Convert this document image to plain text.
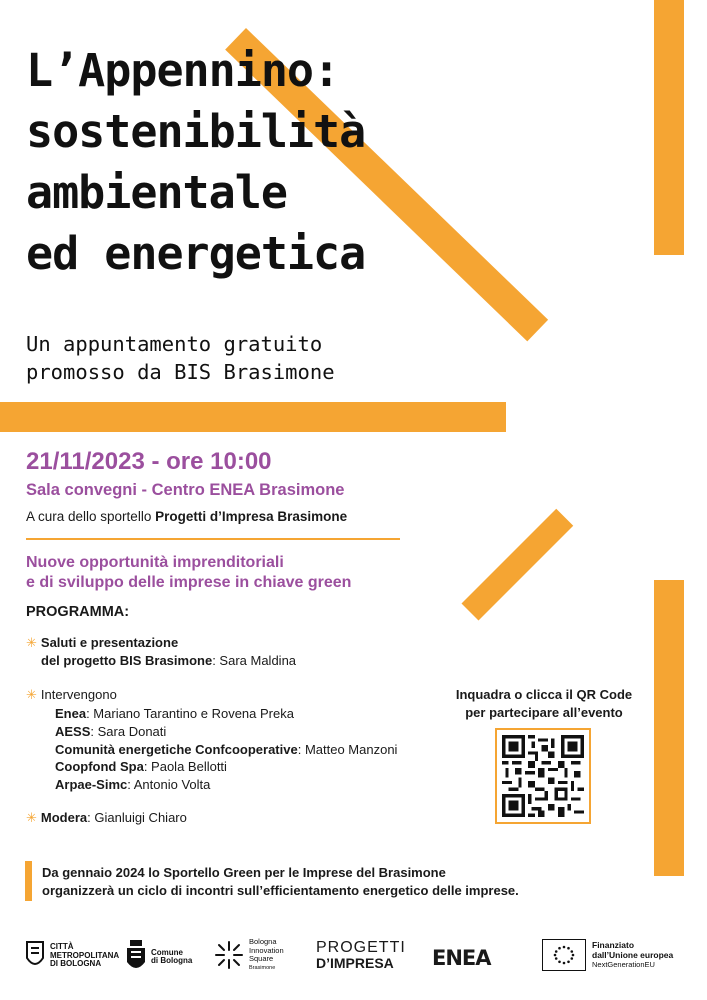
L’Appennino:
sostenibilità
ambientale
ed energetica
Un appuntamento gratuito
promosso da BIS Brasimone
21/11/2023 - ore 10:00
Sala convegni - Centro ENEA Brasimone
A cura dello sportello Progetti d’Impresa Brasimone
Nuove opportunità imprenditoriali
e di sviluppo delle imprese in chiave green
PROGRAMMA:
✳ Saluti e presentazione
del progetto BIS Brasimone: Sara Maldina
✳ Intervengono
Enea: Mariano Tarantino e Rovena Preka
AESS: Sara Donati
Comunità energetiche Confcooperative: Matteo Manzoni
Coopfond Spa: Paola Bellotti
Arpae-Simc: Antonio Volta
✳ Modera: Gianluigi Chiaro
Inquadra o clicca il QR Code
per partecipare all’evento
Da gennaio 2024 lo Sportello Green per le Imprese del Brasimone
organizzerà un ciclo di incontri sull’efficientamento energetico delle imprese.
CITTÀ
METROPOLITANA
DI BOLOGNA
Comune
di Bologna
Bologna
Innovation
Square
Brasimone
PROGETTI
D’IMPRESA	ENEA
Finanziato
dall’Unione europea
NextGenerationEU
